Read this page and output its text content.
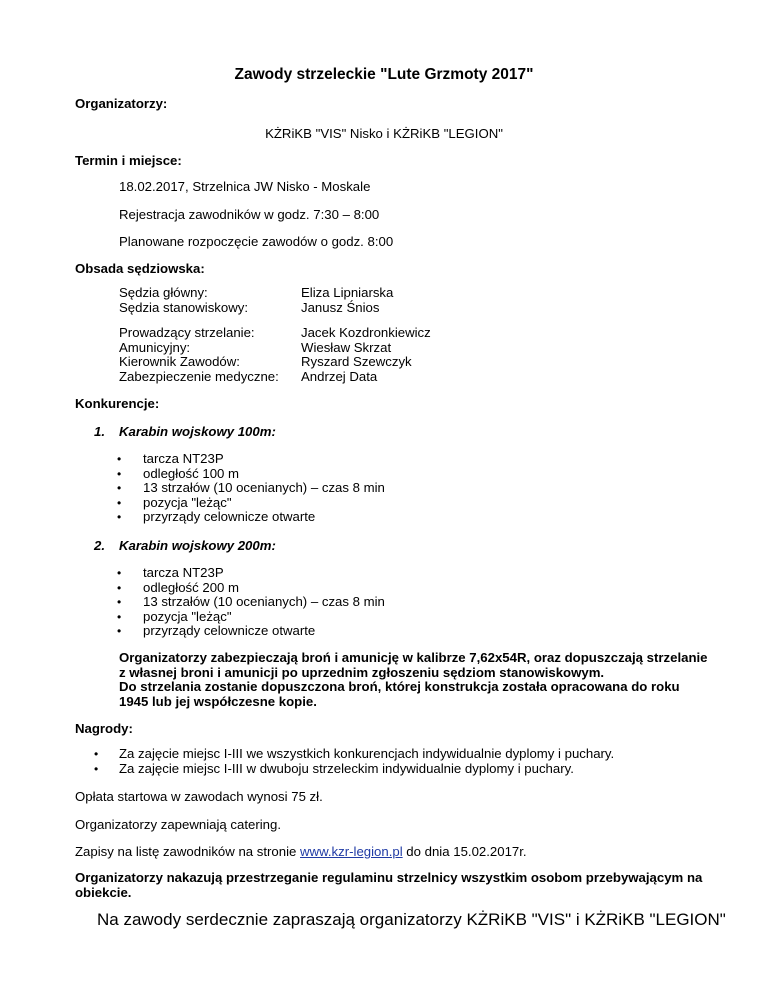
Zawody strzeleckie "Lute Grzmoty 2017"
Organizatorzy:
KŻRiKB "VIS" Nisko i KŻRiKB "LEGION"
Termin i miejsce:
18.02.2017, Strzelnica JW Nisko - Moskale
Rejestracja zawodników w godz. 7:30 – 8:00
Planowane rozpoczęcie zawodów o godz. 8:00
Obsada sędziowska:
Sędzia główny:
Sędzia stanowiskowy:
Eliza Lipniarska
Janusz Śnios
Prowadzący strzelanie:
Amunicyjny:
Kierownik Zawodów:
Zabezpieczenie medyczne:
Jacek Kozdronkiewicz
Wiesław Skrzat
Ryszard Szewczyk
Andrzej Data
Konkurencje:
1. Karabin wojskowy 100m:
•
•
•
•
•
tarcza NT23P
odległość 100 m
13 strzałów (10 ocenianych) – czas 8 min
pozycja "leżąc"
przyrządy celownicze otwarte
2. Karabin wojskowy 200m:
•
•
•
•
•
tarcza NT23P
odległość 200 m
13 strzałów (10 ocenianych) – czas 8 min
pozycja "leżąc"
przyrządy celownicze otwarte
Organizatorzy zabezpieczają broń i amunicję w kalibrze 7,62x54R, oraz dopuszczają strzelanie
z własnej broni i amunicji po uprzednim zgłoszeniu sędziom stanowiskowym.
Do strzelania zostanie dopuszczona broń, której konstrukcja została opracowana do roku
1945 lub jej współczesne kopie.
Nagrody:
•
•
Za zajęcie miejsc I-III we wszystkich konkurencjach indywidualnie dyplomy i puchary.
Za zajęcie miejsc I-III w dwuboju strzeleckim indywidualnie dyplomy i puchary.
Opłata startowa w zawodach wynosi 75 zł.
Organizatorzy zapewniają catering.
Zapisy na listę zawodników na stronie www.kzr-legion.pl do dnia 15.02.2017r.
Organizatorzy nakazują przestrzeganie regulaminu strzelnicy wszystkim osobom przebywającym na
obiekcie.
Na zawody serdecznie zapraszają organizatorzy KŻRiKB "VIS" i KŻRiKB "LEGION"
